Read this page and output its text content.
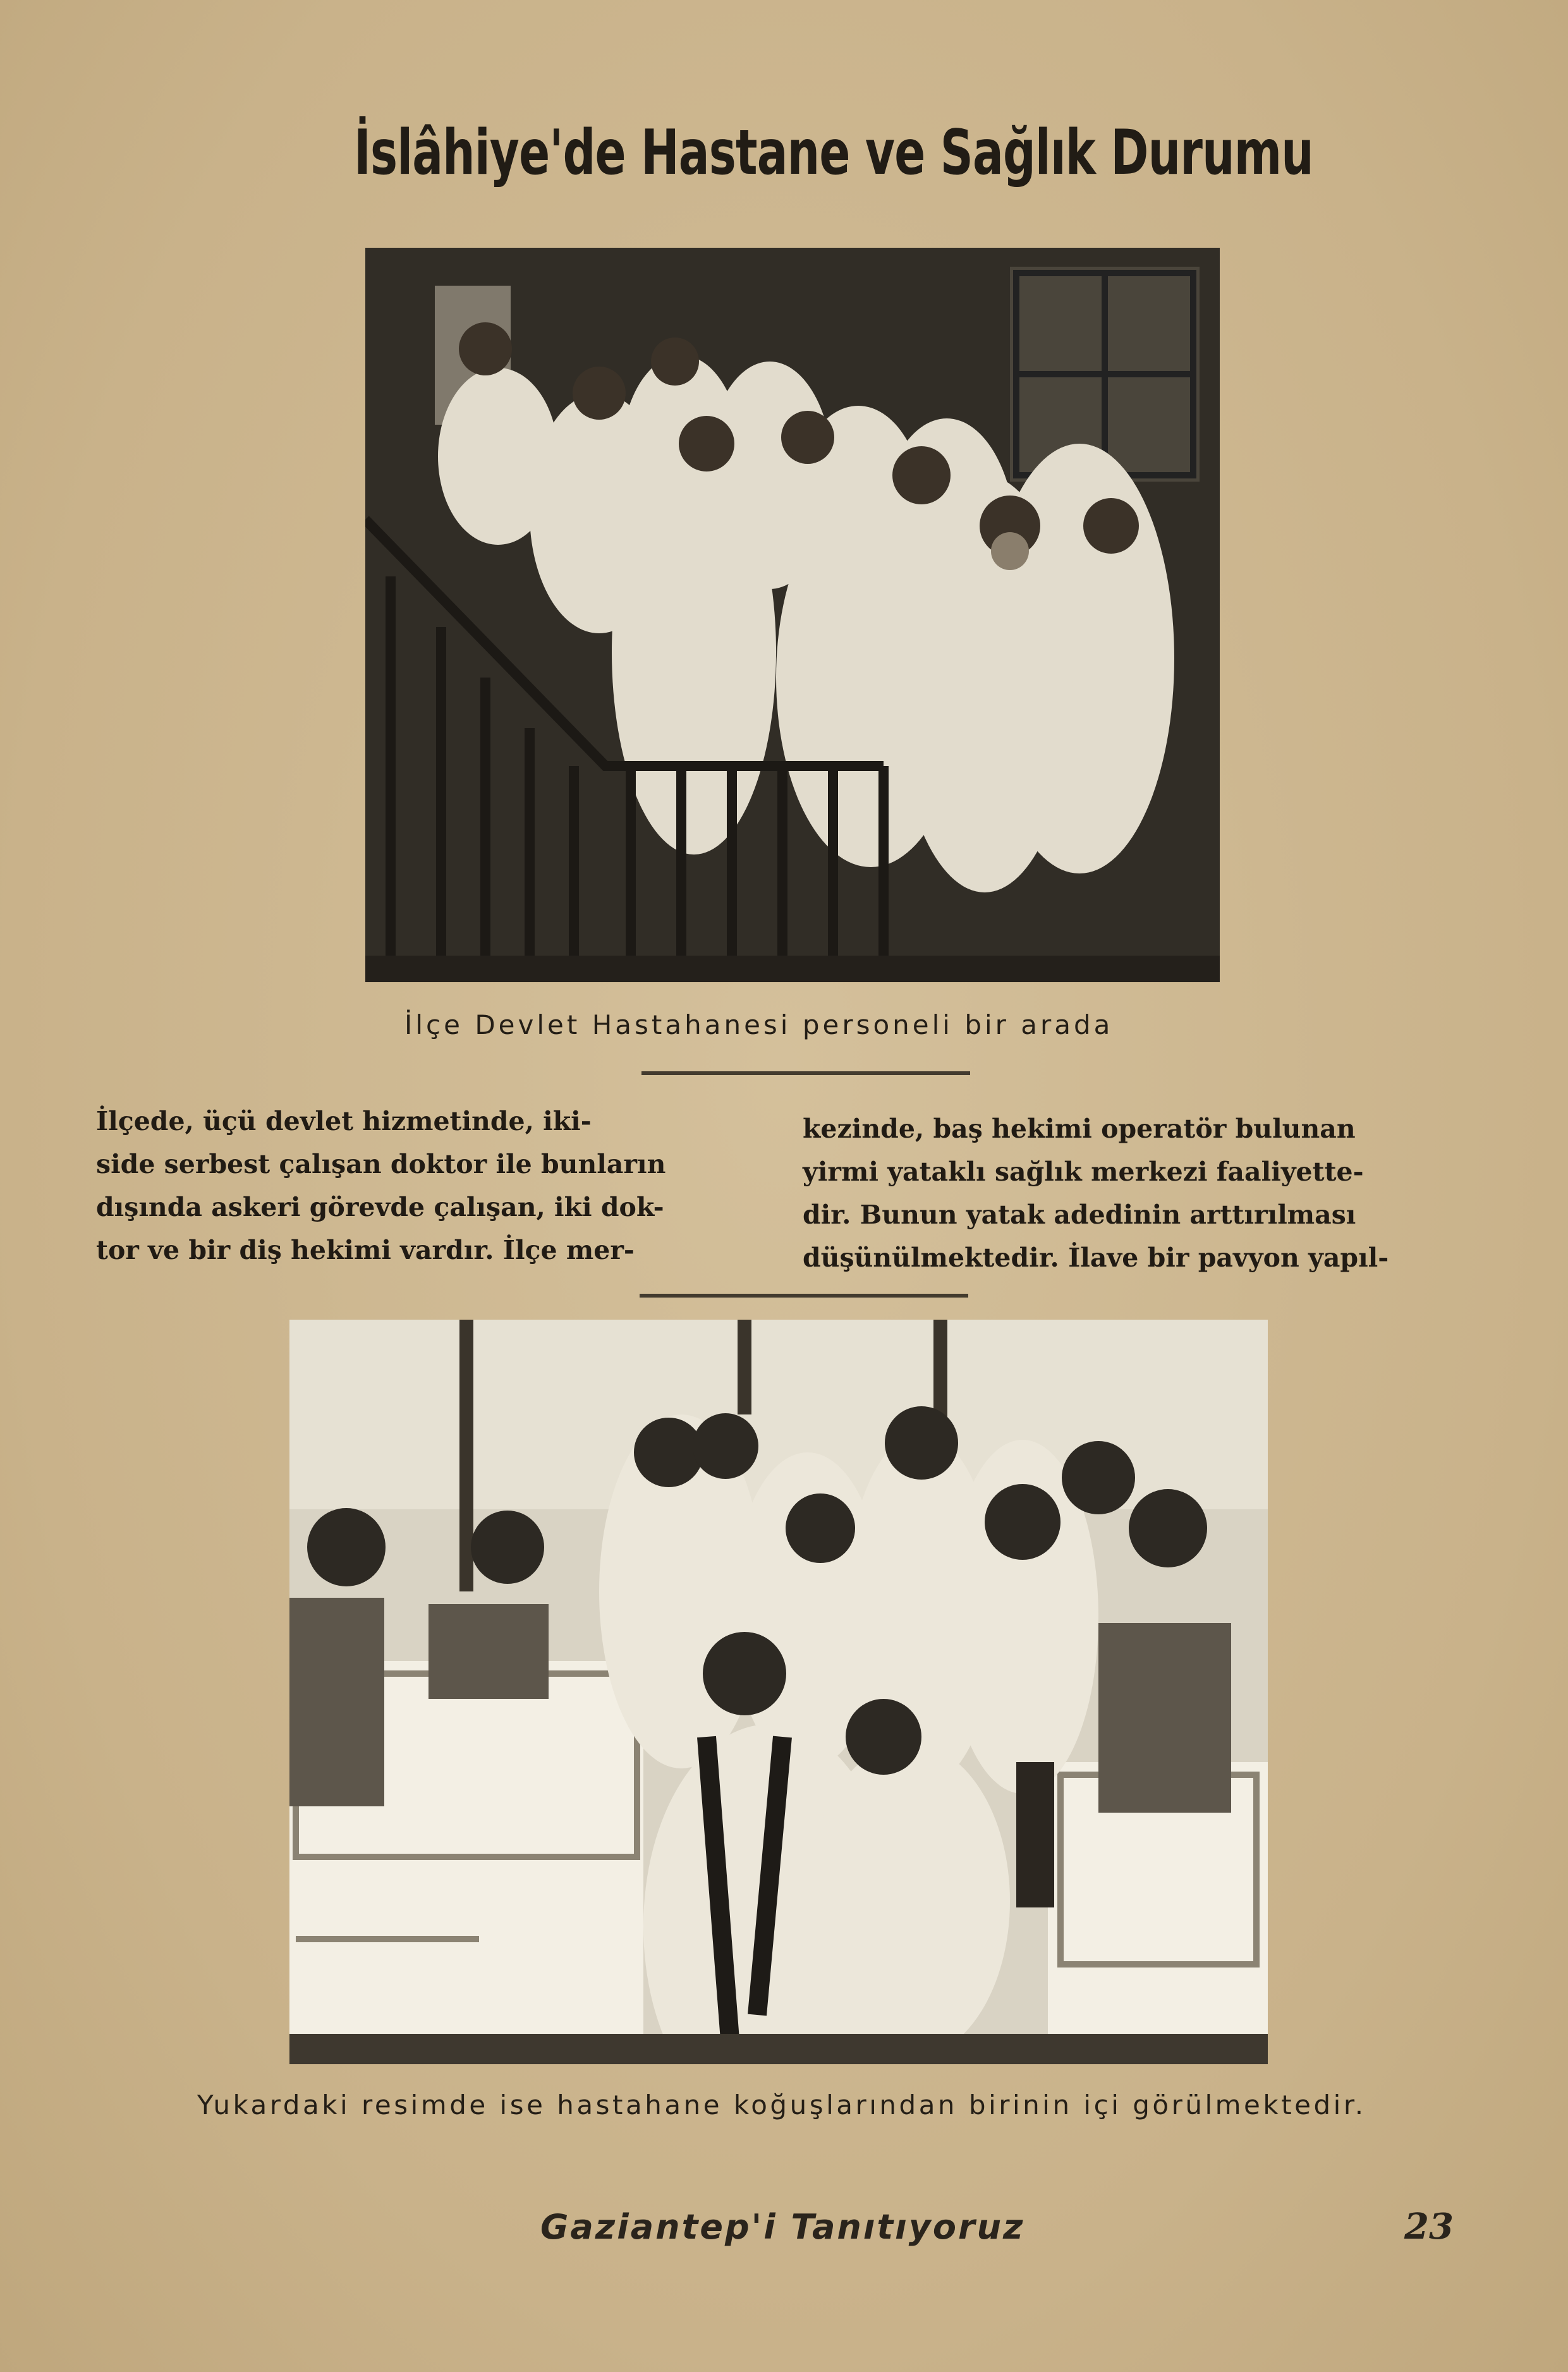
İslâhiye'de Hastane ve Sağlık Durumu
İlçe Devlet Hastahanesi personeli bir arada

İlçede, üçü devlet hizmetinde, iki-

side serbest çalışan doktor ile bunların

dışında askeri görevde çalışan, iki dok-

tor ve bir diş hekimi vardır. İlçe mer-

kezinde, baş hekimi operatör bulunan

yirmi yataklı sağlık merkezi faaliyette-

dir. Bunun yatak adedinin arttırılması

düşünülmektedir. İlave bir pavyon yapıl-

Yukardaki resimde ise hastahane koğuşlarından birinin içi görülmektedir.
Gaziantep'i Tanıtıyoruz	23
